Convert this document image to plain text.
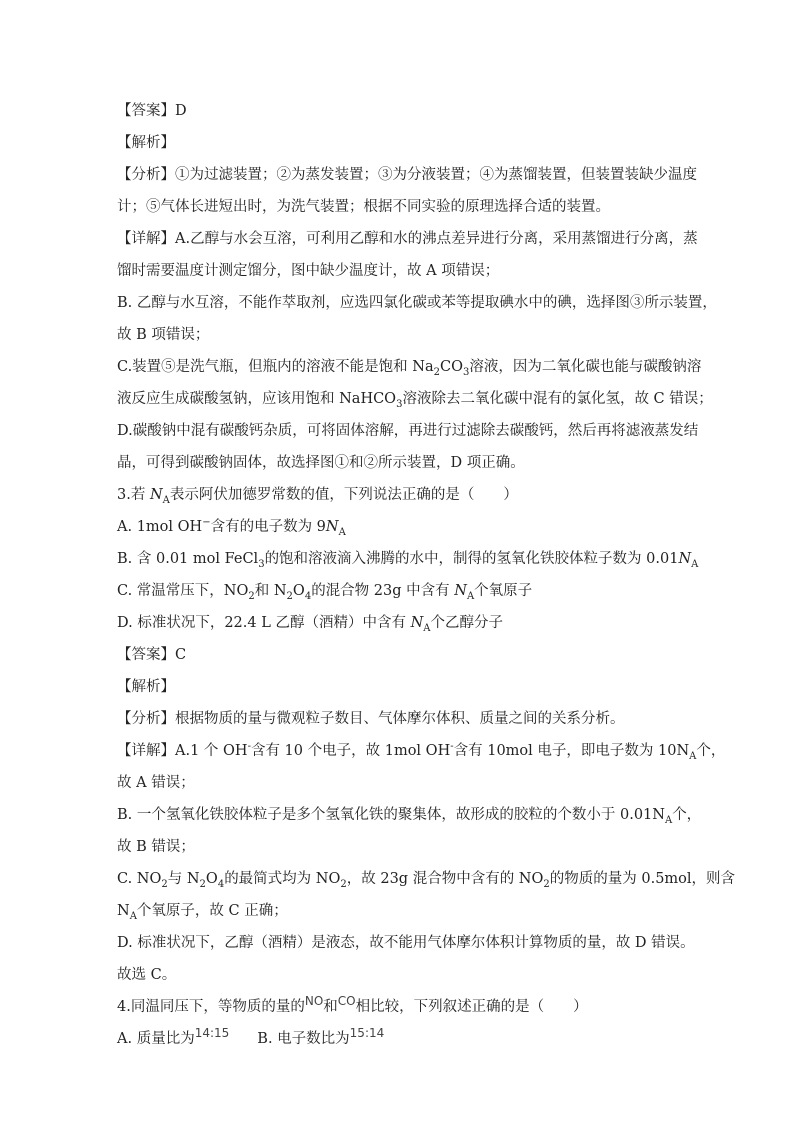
【答案】D
【解析】
【分析】①为过滤装置；②为蒸发装置；③为分液装置；④为蒸馏装置，但装置装缺少温度
计；⑤气体长进短出时，为洗气装置；根据不同实验的原理选择合适的装置。
【详解】A.乙醇与水会互溶，可利用乙醇和水的沸点差异进行分离，采用蒸馏进行分离，蒸
馏时需要温度计测定馏分，图中缺少温度计，故 A 项错误；
B. 乙醇与水互溶，不能作萃取剂，应选四氯化碳或苯等提取碘水中的碘，选择图③所示装置，
故 B 项错误；
C.装置⑤是洗气瓶，但瓶内的溶液不能是饱和 $Na_2CO_3$溶液，因为二氧化碳也能与碳酸钠溶
液反应生成碳酸氢钠，应该用饱和 NaHCO$_3$溶液除去二氧化碳中混有的氯化氢，故 C 错误；
D.碳酸钠中混有碳酸钙杂质，可将固体溶解，再进行过滤除去碳酸钙，然后再将滤液蒸发结
晶，可得到碳酸钠固体，故选择图①和②所示装置，D 项正确。
3.若 $N_A$表示阿伏加德罗常数的值，下列说法正确的是（　　）
A. 1mol OH−含有的电子数为 $9N_A$
B. 含 0.01 mol FeCl$_3$的饱和溶液滴入沸腾的水中，制得的氢氧化铁胶体粒子数为 $0.01N_A$
C. 常温常压下，$NO_2$和 $N_2O_4$的混合物 23g 中含有 $N_A$个氧原子
D. 标准状况下，22.4 L 乙醇（酒精）中含有 $N_A$个乙醇分子
【答案】C
【解析】
【分析】根据物质的量与微观粒子数目、气体摩尔体积、质量之间的关系分析。
【详解】A.1 个 OH-含有 10 个电子，故 1mol OH-含有 10mol 电子，即电子数为 $10N_A$个，
故 A 错误；
B. 一个氢氧化铁胶体粒子是多个氢氧化铁的聚集体，故形成的胶粒的个数小于 $0.01N_A$个，
故 B 错误；
C. $NO_2$与 $N_2O_4$的最简式均为 $NO_2$，故 23g 混合物中含有的 $NO_2$的物质的量为 0.5mol，则含
$N_A$个氧原子，故 C 正确；
D. 标准状况下，乙醇（酒精）是液态，故不能用气体摩尔体积计算物质的量，故 D 错误。
故选 C。
4.同温同压下，等物质的量的$^{NO}$和$^{CO}$相比较，下列叙述正确的是（　　）
A. 质量比为$^{14:15}$ B. 电子数比为$^{15:14}$
